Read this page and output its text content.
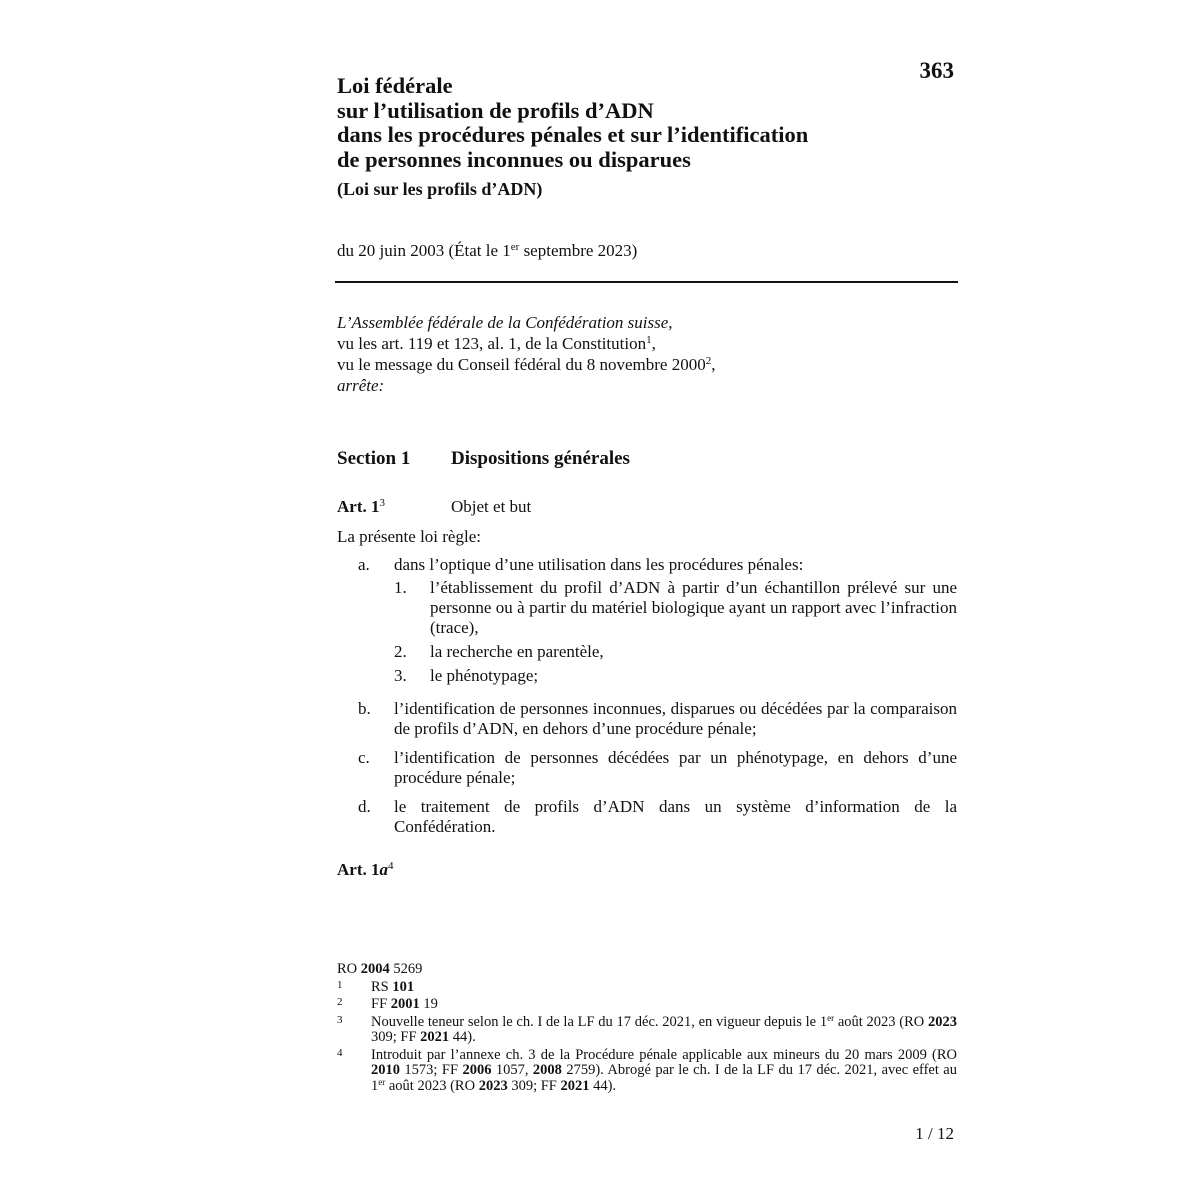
363
Loi fédérale
sur l’utilisation de profils d’ADN
dans les procédures pénales et sur l’identification
de personnes inconnues ou disparues
(Loi sur les profils d’ADN)
du 20 juin 2003 (État le 1er septembre 2023)
L’Assemblée fédérale de la Confédération suisse,
vu les art. 119 et 123, al. 1, de la Constitution$^1$,
vu le message du Conseil fédéral du 8 novembre 2000$^2$,
arrête:
Section 1 Dispositions générales
Art. $1^3$	Objet et but
La présente loi règle:
a. dans l’optique d’une utilisation dans les procédures pénales:
1. l’établissement du profil d’ADN à partir d’un échantillon prélevé sur une personne ou à partir du matériel biologique ayant un rapport avec l’infraction (trace),
2. la recherche en parentèle,
3. le phénotypage;
b. l’identification de personnes inconnues, disparues ou décédées par la comparaison de profils d’ADN, en dehors d’une procédure pénale;
c. l’identification de personnes décédées par un phénotypage, en dehors d’une procédure pénale;
d. le traitement de profils d’ADN dans un système d’information de la Confédération.
Art. $1a^4$
RO 2004 5269
1 RS 101
2 FF 2001 19
3 Nouvelle teneur selon le ch. I de la LF du 17 déc. 2021, en vigueur depuis le 1er août 2023 (RO 2023 309; FF 2021 44).
4 Introduit par l’annexe ch. 3 de la Procédure pénale applicable aux mineurs du 20 mars 2009 (RO 2010 1573; FF 2006 1057, 2008 2759). Abrogé par le ch. I de la LF du 17 déc. 2021, avec effet au 1er août 2023 (RO 2023 309; FF 2021 44).
1 / 12
